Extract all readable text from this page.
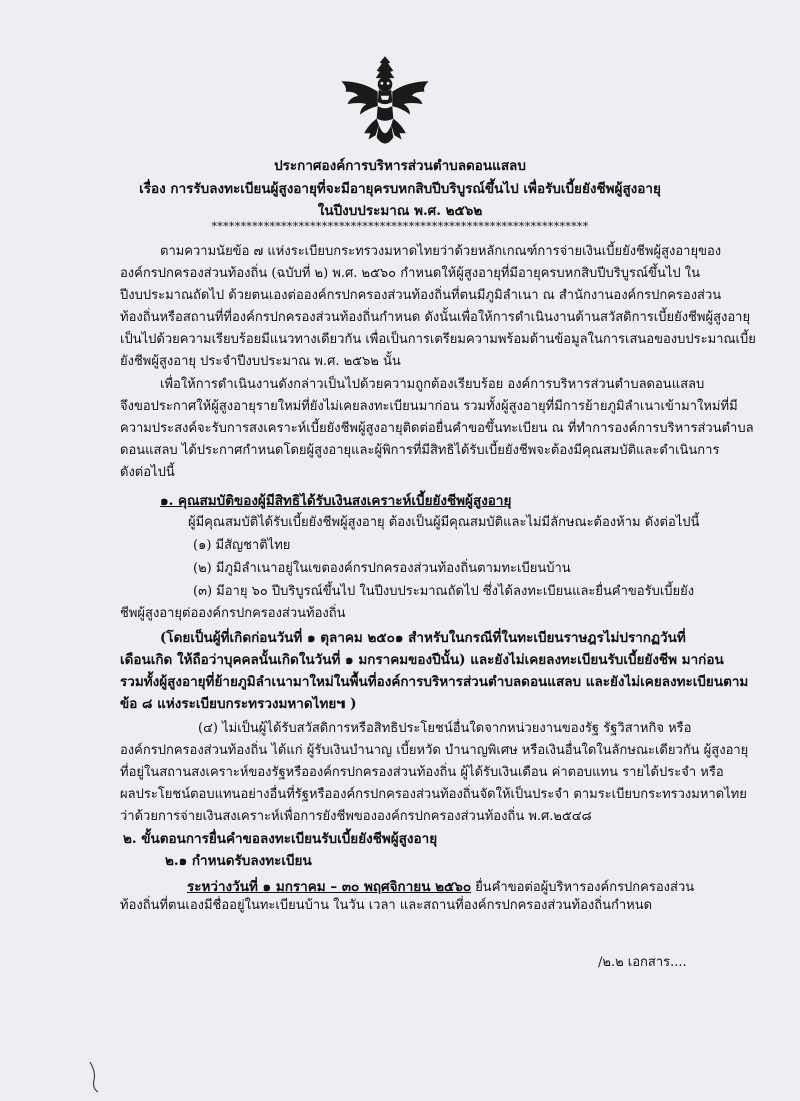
ประกาศองค์การบริหารส่วนตำบลดอนแสลบ
เรื่อง การรับลงทะเบียนผู้สูงอายุที่จะมีอายุครบหกสิบปีบริบูรณ์ขึ้นไป เพื่อรับเบี้ยยังชีพผู้สูงอายุ
ในปีงบประมาณ พ.ศ. ๒๕๖๒
*****************************************************************
ตามความนัยข้อ ๗ แห่งระเบียบกระทรวงมหาดไทยว่าด้วยหลักเกณฑ์การจ่ายเงินเบี้ยยังชีพผู้สูงอายุของ
องค์กรปกครองส่วนท้องถิ่น (ฉบับที่ ๒) พ.ศ. ๒๕๖๐ กำหนดให้ผู้สูงอายุที่มีอายุครบหกสิบปีบริบูรณ์ขึ้นไป ใน
ปีงบประมาณถัดไป ด้วยตนเองต่อองค์กรปกครองส่วนท้องถิ่นที่ตนมีภูมิลำเนา ณ สำนักงานองค์กรปกครองส่วน
ท้องถิ่นหรือสถานที่ที่องค์กรปกครองส่วนท้องถิ่นกำหนด ดังนั้นเพื่อให้การดำเนินงานด้านสวัสดิการเบี้ยยังชีพผู้สูงอายุ
เป็นไปด้วยความเรียบร้อยมีแนวทางเดียวกัน เพื่อเป็นการเตรียมความพร้อมด้านข้อมูลในการเสนอของบประมาณเบี้ย
ยังชีพผู้สูงอายุ ประจำปีงบประมาณ พ.ศ. ๒๕๖๒ นั้น
เพื่อให้การดำเนินงานดังกล่าวเป็นไปด้วยความถูกต้องเรียบร้อย องค์การบริหารส่วนตำบลดอนแสลบ
จึงขอประกาศให้ผู้สูงอายุรายใหม่ที่ยังไม่เคยลงทะเบียนมาก่อน รวมทั้งผู้สูงอายุที่มีการย้ายภูมิลำเนาเข้ามาใหม่ที่มี
ความประสงค์จะรับการสงเคราะห์เบี้ยยังชีพผู้สูงอายุติดต่อยื่นคำขอขึ้นทะเบียน ณ ที่ทำการองค์การบริหารส่วนตำบล
ดอนแสลบ ได้ประกาศกำหนดโดยผู้สูงอายุและผู้พิการที่มีสิทธิได้รับเบี้ยยังชีพจะต้องมีคุณสมบัติและดำเนินการ
ดังต่อไปนี้
๑. คุณสมบัติของผู้มีสิทธิได้รับเงินสงเคราะห์เบี้ยยังชีพผู้สูงอายุ
ผู้มีคุณสมบัติได้รับเบี้ยยังชีพผู้สูงอายุ ต้องเป็นผู้มีคุณสมบัติและไม่มีลักษณะต้องห้าม ดังต่อไปนี้
(๑) มีสัญชาติไทย
(๒) มีภูมิลำเนาอยู่ในเขตองค์กรปกครองส่วนท้องถิ่นตามทะเบียนบ้าน
(๓) มีอายุ ๖๐ ปีบริบูรณ์ขึ้นไป ในปีงบประมาณถัดไป ซึ่งได้ลงทะเบียนและยื่นคำขอรับเบี้ยยัง
ชีพผู้สูงอายุต่อองค์กรปกครองส่วนท้องถิ่น
(โดยเป็นผู้ที่เกิดก่อนวันที่ ๑ ตุลาคม ๒๕๐๑ สำหรับในกรณีที่ในทะเบียนราษฎรไม่ปรากฏวันที่
เดือนเกิด ให้ถือว่าบุคคลนั้นเกิดในวันที่ ๑ มกราคมของปีนั้น) และยังไม่เคยลงทะเบียนรับเบี้ยยังชีพ มาก่อน
รวมทั้งผู้สูงอายุที่ย้ายภูมิลำเนามาใหม่ในพื้นที่องค์การบริหารส่วนตำบลดอนแสลบ และยังไม่เคยลงทะเบียนตาม
ข้อ ๘ แห่งระเบียบกระทรวงมหาดไทย๚ )
(๔) ไม่เป็นผู้ได้รับสวัสดิการหรือสิทธิประโยชน์อื่นใดจากหน่วยงานของรัฐ รัฐวิสาหกิจ หรือ
องค์กรปกครองส่วนท้องถิ่น ได้แก่ ผู้รับเงินบำนาญ เบี้ยหวัด บำนาญพิเศษ หรือเงินอื่นใดในลักษณะเดียวกัน ผู้สูงอายุ
ที่อยู่ในสถานสงเคราะห์ของรัฐหรือองค์กรปกครองส่วนท้องถิ่น ผู้ได้รับเงินเดือน ค่าตอบแทน รายได้ประจำ หรือ
ผลประโยชน์ตอบแทนอย่างอื่นที่รัฐหรือองค์กรปกครองส่วนท้องถิ่นจัดให้เป็นประจำ ตามระเบียบกระทรวงมหาดไทย
ว่าด้วยการจ่ายเงินสงเคราะห์เพื่อการยังชีพขององค์กรปกครองส่วนท้องถิ่น พ.ศ.๒๕๔๘
๒. ขั้นตอนการยื่นคำขอลงทะเบียนรับเบี้ยยังชีพผู้สูงอายุ
๒.๑ กำหนดรับลงทะเบียน
ระหว่างวันที่ ๑ มกราคม – ๓๐ พฤศจิกายน ๒๕๖๐ ยื่นคำขอต่อผู้บริหารองค์กรปกครองส่วน
ท้องถิ่นที่ตนเองมีชื่ออยู่ในทะเบียนบ้าน ในวัน เวลา และสถานที่องค์กรปกครองส่วนท้องถิ่นกำหนด
/๒.๒ เอกสาร....
